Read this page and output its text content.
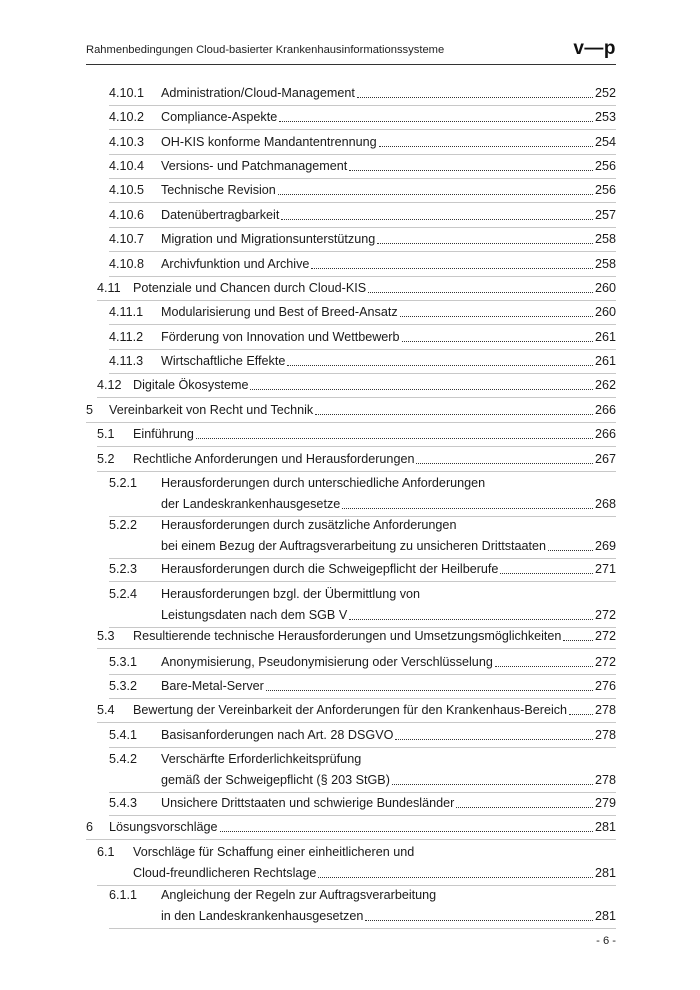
Rahmenbedingungen Cloud-basierter Krankenhausinformationssysteme	v—p
4.10.1 Administration/Cloud-Management	252
4.10.2 Compliance-Aspekte	253
4.10.3 OH-KIS konforme Mandantentrennung	254
4.10.4 Versions- und Patchmanagement	256
4.10.5 Technische Revision	256
4.10.6 Datenübertragbarkeit	257
4.10.7 Migration und Migrationsunterstützung	258
4.10.8 Archivfunktion und Archive	258
4.11 Potenziale und Chancen durch Cloud-KIS	260
4.11.1 Modularisierung und Best of Breed-Ansatz	260
4.11.2 Förderung von Innovation und Wettbewerb	261
4.11.3 Wirtschaftliche Effekte	261
4.12 Digitale Ökosysteme	262
5 Vereinbarkeit von Recht und Technik	266
5.1 Einführung	266
5.2 Rechtliche Anforderungen und Herausforderungen	267
5.2.1 Herausforderungen durch unterschiedliche Anforderungen
der Landeskrankenhausgesetze	268
5.2.2 Herausforderungen durch zusätzliche Anforderungen
bei einem Bezug der Auftragsverarbeitung zu unsicheren Drittstaaten	269
5.2.3 Herausforderungen durch die Schweigepflicht der Heilberufe	271
5.2.4 Herausforderungen bzgl. der Übermittlung von
Leistungsdaten nach dem SGB V	272
5.3 Resultierende technische Herausforderungen und Umsetzungsmöglichkeiten	272
5.3.1 Anonymisierung, Pseudonymisierung oder Verschlüsselung	272
5.3.2 Bare-Metal-Server	276
5.4 Bewertung der Vereinbarkeit der Anforderungen für den Krankenhaus-Bereich 278
5.4.1 Basisanforderungen nach Art. 28 DSGVO	278
5.4.2 Verschärfte Erforderlichkeitsprüfung
gemäß der Schweigepflicht (§ 203 StGB)	278
5.4.3 Unsichere Drittstaaten und schwierige Bundesländer	279
6 Lösungsvorschläge	281
6.1 Vorschläge für Schaffung einer einheitlicheren und
Cloud-freundlicheren Rechtslage	281
6.1.1 Angleichung der Regeln zur Auftragsverarbeitung
in den Landeskrankenhausgesetzen	281
- 6 -
